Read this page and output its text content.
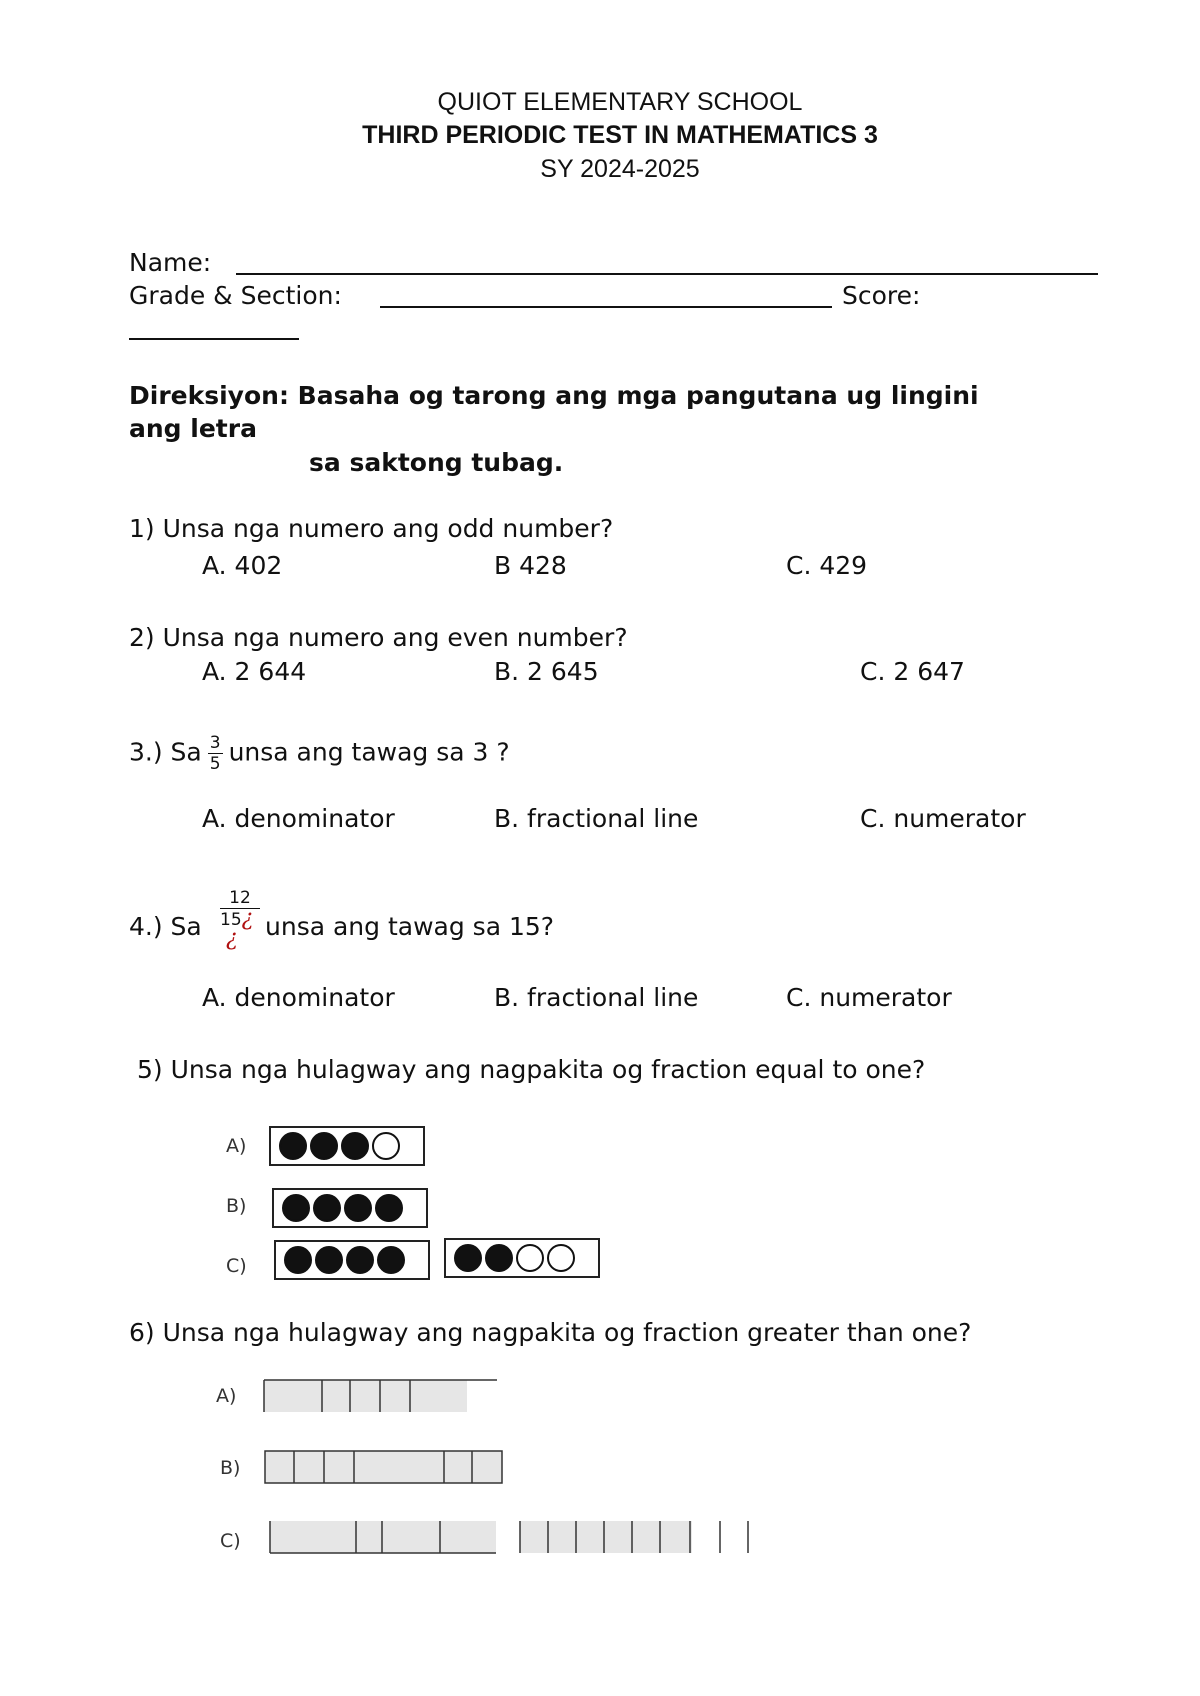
QUIOT ELEMENTARY SCHOOL
THIRD PERIODIC TEST IN MATHEMATICS 3
SY 2024-2025
Name:
Grade & Section:	Score:
Direksiyon: Basaha og tarong ang mga pangutana ug lingini
ang letra
sa saktong tubag.
1) Unsa nga numero ang odd number?
A. 402	B 428	C. 429
2) Unsa nga numero ang even number?
A. 2 644	B. 2 645	C. 2 647
3.) Sa $\frac{3}{5}$ unsa ang tawag sa 3 ?
A. denominator	B. fractional line	C. numerator
4.) Sa
12
15¿
¿	unsa ang tawag sa 15?
A. denominator	B. fractional line	C. numerator
5) Unsa nga hulagway ang nagpakita og fraction equal to one?
A)
B)
C)
6) Unsa nga hulagway ang nagpakita og fraction greater than one?
A)
B)
C)
